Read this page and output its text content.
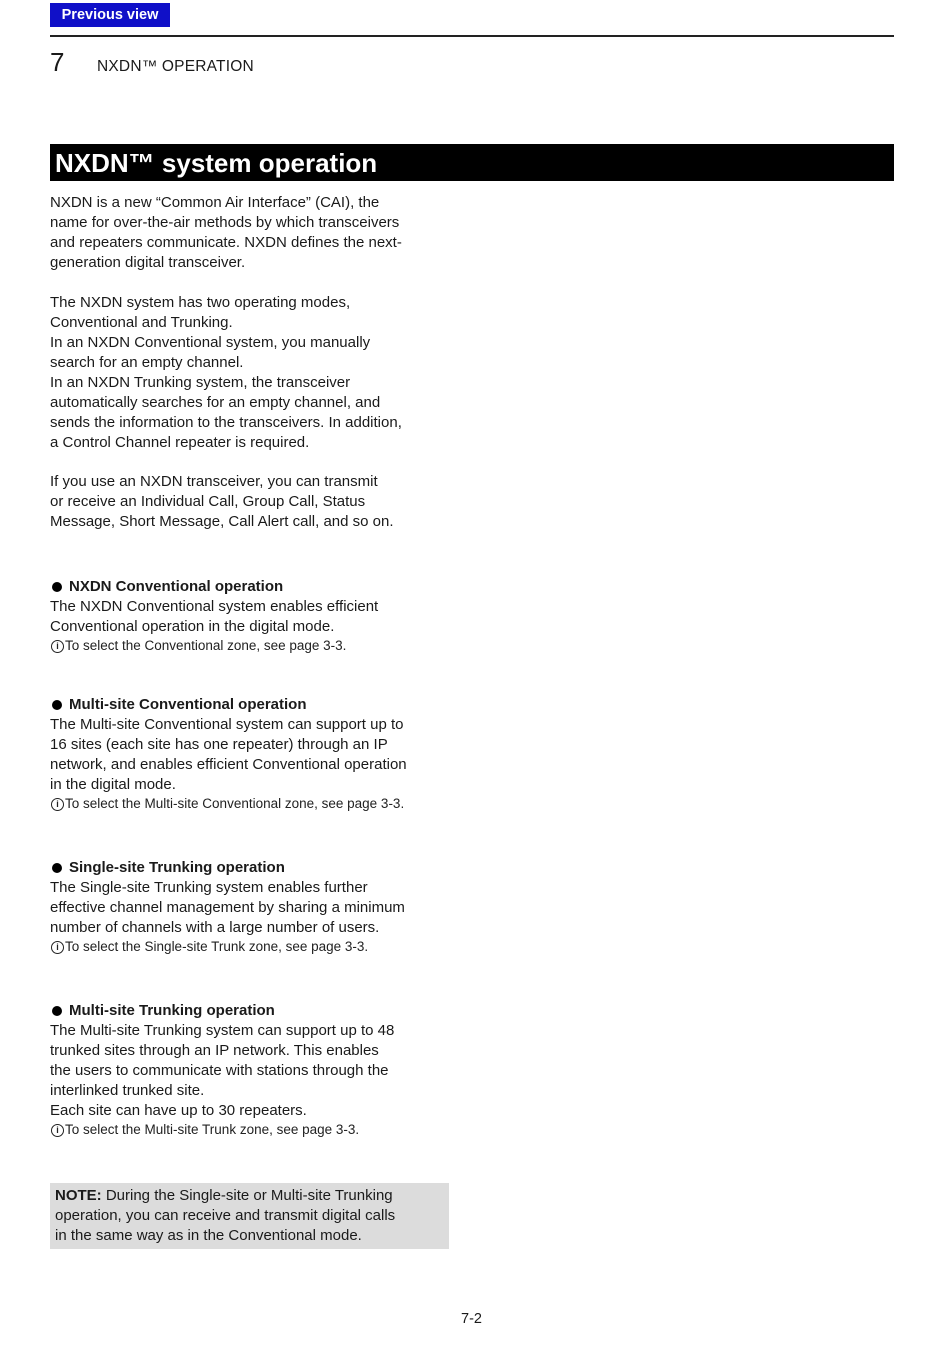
Previous view
7 NXDN™ OPERATION
NXDN™ system operation

NXDN is a new “Common Air Interface” (CAI), the
name for over-the-air methods by which transceivers
and repeaters communicate. NXDN defines the next-
generation digital transceiver.

The NXDN system has two operating modes,
Conventional and Trunking.
In an NXDN Conventional system, you manually
search for an empty channel.
In an NXDN Trunking system, the transceiver
automatically searches for an empty channel, and
sends the information to the transceivers. In addition,
a Control Channel repeater is required.

If you use an NXDN transceiver, you can transmit
or receive an Individual Call, Group Call, Status
Message, Short Message, Call Alert call, and so on.

NXDN Conventional operation
The NXDN Conventional system enables efficient
Conventional operation in the digital mode.
i To select the Conventional zone, see page 3-3.
Multi-site Conventional operation
The Multi-site Conventional system can support up to
16 sites (each site has one repeater) through an IP
network, and enables efficient Conventional operation
in the digital mode.
i To select the Multi-site Conventional zone, see page 3-3.
Single-site Trunking operation
The Single-site Trunking system enables further
effective channel management by sharing a minimum
number of channels with a large number of users.
i To select the Single-site Trunk zone, see page 3-3.
Multi-site Trunking operation
The Multi-site Trunking system can support up to 48
trunked sites through an IP network. This enables
the users to communicate with stations through the
interlinked trunked site.
Each site can have up to 30 repeaters.
i To select the Multi-site Trunk zone, see page 3-3.
NOTE: During the Single-site or Multi-site Trunking
operation, you can receive and transmit digital calls
in the same way as in the Conventional mode.
7-2
